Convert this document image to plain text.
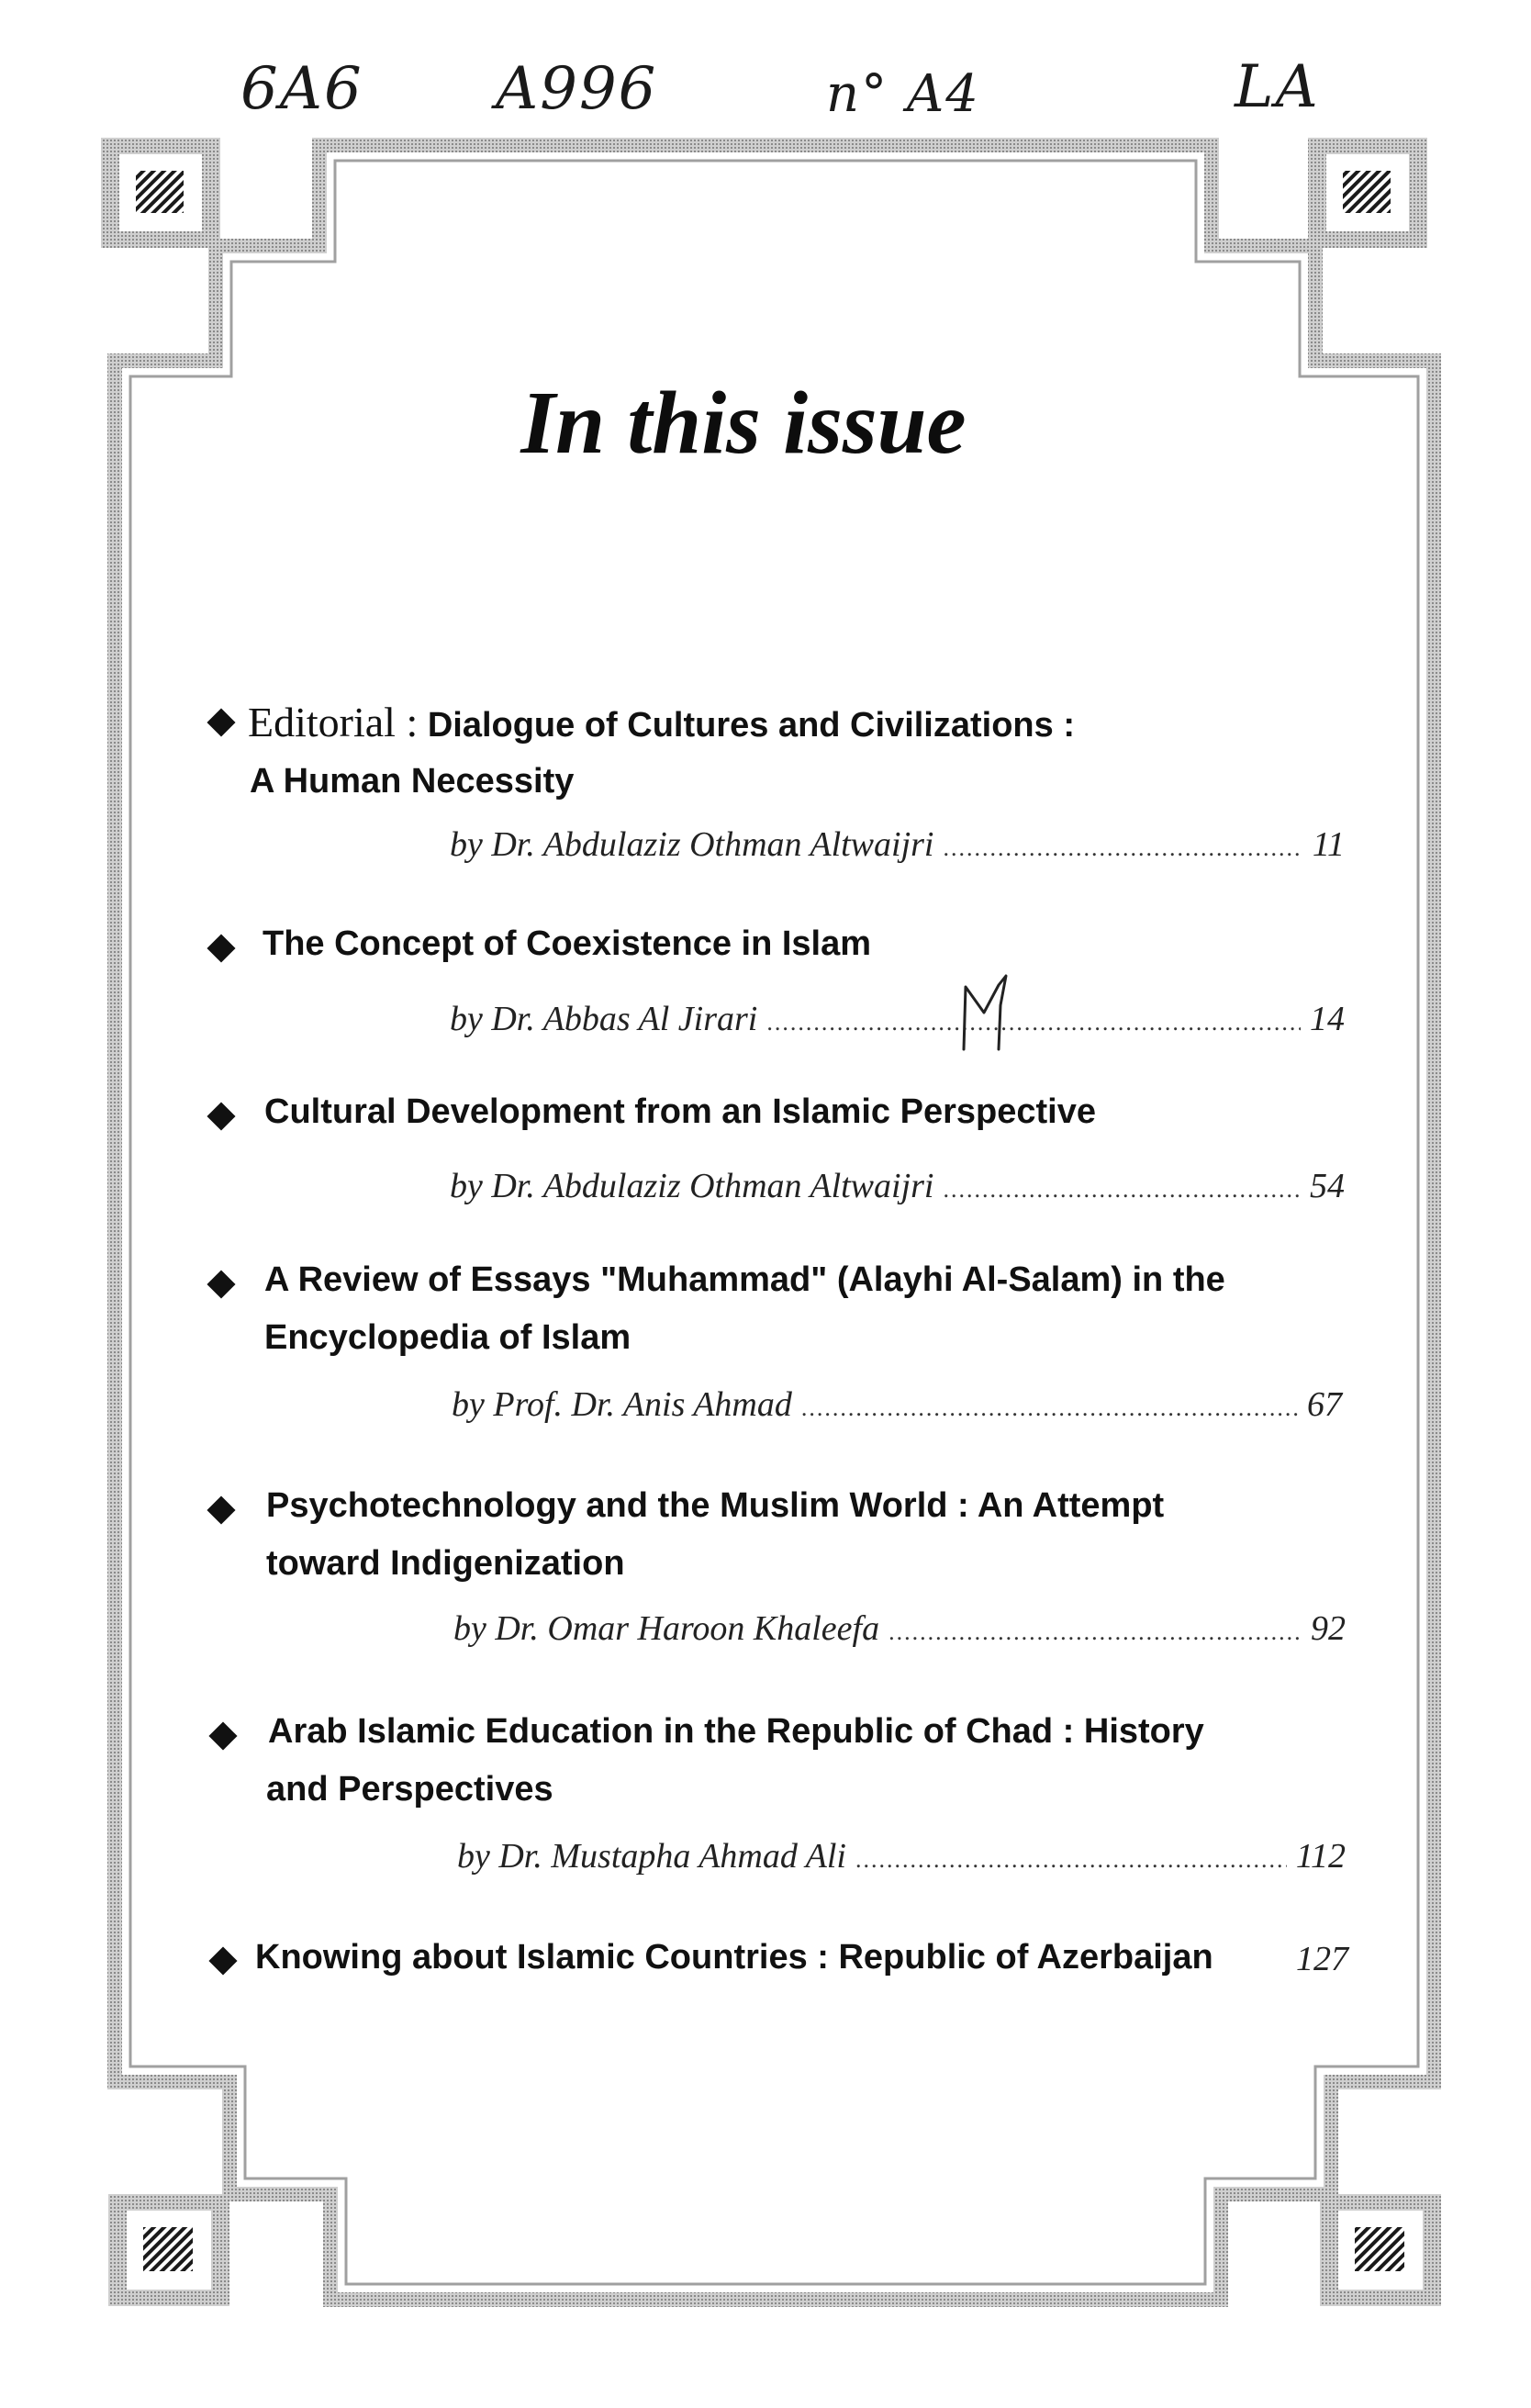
6A6 A996	n° A4	LA
In this issue
Editorial : Dialogue of Cultures and Civilizations :
A Human Necessity
by Dr. Abdulaziz Othman Altwaijri .....	11
The Concept of Coexistence in Islam
by Dr. Abbas Al Jirari .....	14
Cultural Development from an Islamic Perspective
by Dr. Abdulaziz Othman Altwaijri .....	54
A Review of Essays "Muhammad" (Alayhi Al-Salam) in the
Encyclopedia of Islam
by Prof. Dr. Anis Ahmad .....	67
Psychotechnology and the Muslim World : An Attempt
toward Indigenization
by Dr. Omar Haroon Khaleefa .....	92
Arab Islamic Education in the Republic of Chad : History
and Perspectives
by Dr. Mustapha Ahmad Ali .....	112
Knowing about Islamic Countries : Republic of Azerbaijan 127
